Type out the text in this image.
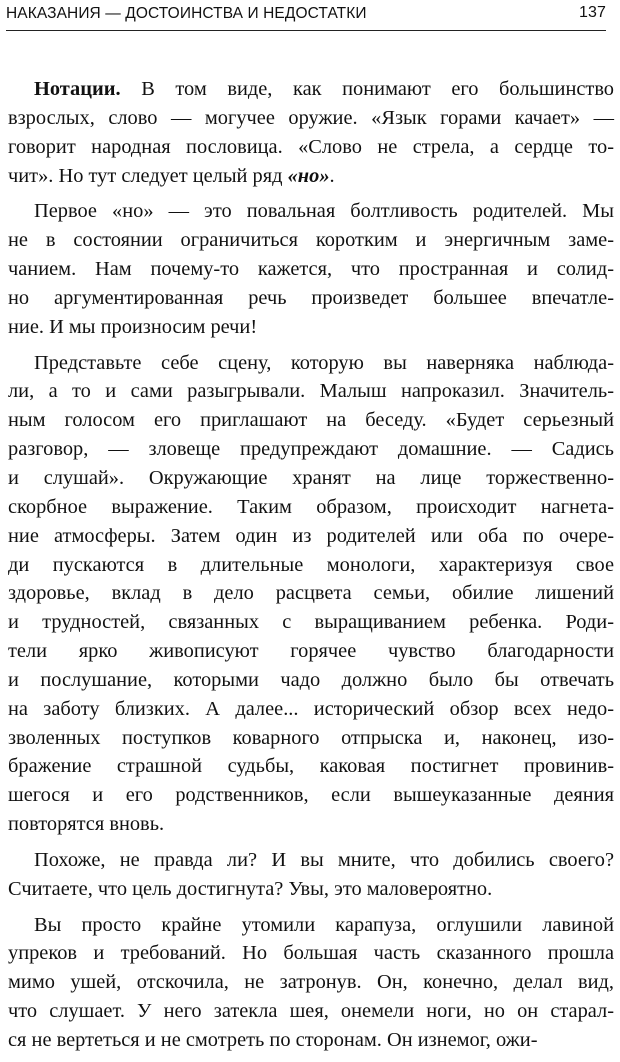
НАКАЗАНИЯ — ДОСТОИНСТВА И НЕДОСТАТКИ	137

Нотации. В том виде, как понимают его большинство
взрослых, слово — могучее оружие. «Язык горами качает» —
говорит народная пословица. «Слово не стрела, а сердце то-
чит». Но тут следует целый ряд «но».

Первое «но» — это повальная болтливость родителей. Мы
не в состоянии ограничиться коротким и энергичным заме-
чанием. Нам почему-то кажется, что пространная и солид-
но аргументированная речь произведет большее впечатле-
ние. И мы произносим речи!

Представьте себе сцену, которую вы наверняка наблюда-
ли, а то и сами разыгрывали. Малыш напроказил. Значитель-
ным голосом его приглашают на беседу. «Будет серьезный
разговор, — зловеще предупреждают домашние. — Садись
и слушай». Окружающие хранят на лице торжественно-
скорбное выражение. Таким образом, происходит нагнета-
ние атмосферы. Затем один из родителей или оба по очере-
ди пускаются в длительные монологи, характеризуя свое
здоровье, вклад в дело расцвета семьи, обилие лишений
и трудностей, связанных с выращиванием ребенка. Роди-
тели ярко живописуют горячее чувство благодарности
и послушание, которыми чадо должно было бы отвечать
на заботу близких. А далее... исторический обзор всех недо-
зволенных поступков коварного отпрыска и, наконец, изо-
бражение страшной судьбы, каковая постигнет провинив-
шегося и его родственников, если вышеуказанные деяния
повторятся вновь.

Похоже, не правда ли? И вы мните, что добились своего?
Считаете, что цель достигнута? Увы, это маловероятно.

Вы просто крайне утомили карапуза, оглушили лавиной
упреков и требований. Но большая часть сказанного прошла
мимо ушей, отскочила, не затронув. Он, конечно, делал вид,
что слушает. У него затекла шея, онемели ноги, но он старал-
ся не вертеться и не смотреть по сторонам. Он изнемог, ожи-
